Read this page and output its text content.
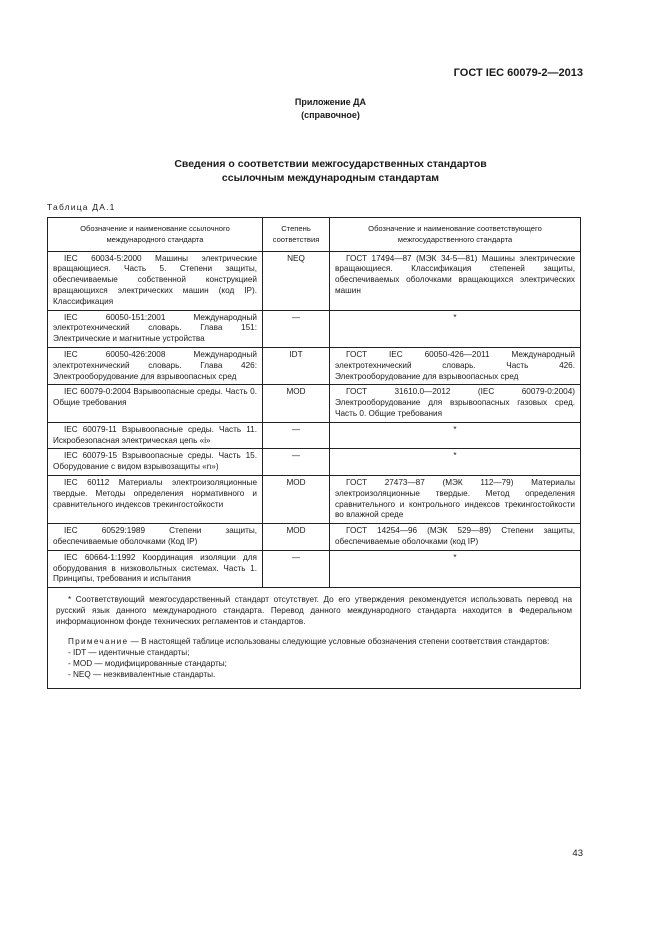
ГОСТ IEC 60079-2—2013
Приложение ДА
(справочное)
Сведения о соответствии межгосударственных стандартов
ссылочным международным стандартам
Таблица ДА.1
Обозначение и наименование ссылочного международного стандарта	Степень соответствия	Обозначение и наименование соответствующего межгосударственного стандарта
IEC 60034-5:2000 Машины электрические вращающиеся. Часть 5. Степени защиты, обеспечиваемые собственной конструкцией вращающихся электрических машин (код IP). Классификация	NEQ	ГОСТ 17494—87 (МЭК 34-5—81) Машины электрические вращающиеся. Классификация степеней защиты, обеспечиваемых оболочками вращающихся электрических машин
IEC 60050-151:2001 Международный электротехнический словарь. Глава 151: Электрические и магнитные устройства	—	*
IEC 60050-426:2008 Международный электротехнический словарь. Глава 426: Электрооборудование для взрывоопасных сред	IDT	ГОСТ IEC 60050-426—2011 Международный электротехнический словарь. Часть 426. Электрооборудование для взрывоопасных сред
IEC 60079-0:2004 Взрывоопасные среды. Часть 0. Общие требования	MOD	ГОСТ 31610.0—2012 (IEC 60079-0:2004) Электрооборудование для взрывоопасных газовых сред. Часть 0. Общие требования
IEC 60079-11 Взрывоопасные среды. Часть 11. Искробезопасная электрическая цепь «i»	—	*
IEC 60079-15 Взрывоопасные среды. Часть 15. Оборудование с видом взрывозащиты «n»)	—	*
IEC 60112 Материалы электроизоляционные твердые. Методы определения нормативного и сравнительного индексов трекингостойкости	MOD	ГОСТ 27473—87 (МЭК 112—79) Материалы электроизоляционные твердые. Метод определения сравнительного и контрольного индексов трекингостойкости во влажной среде
IEC 60529:1989 Степени защиты, обеспечиваемые оболочками (Код IP)	MOD	ГОСТ 14254—96 (МЭК 529—89) Степени защиты, обеспечиваемые оболочками (код IP)
IEC 60664-1:1992 Координация изоляции для оборудования в низковольтных системах. Часть 1. Принципы, требования и испытания	—	*

* Соответствующий межгосударственный стандарт отсутствует. До его утверждения рекомендуется использовать перевод на русский язык данного международного стандарта. Перевод данного международного стандарта находится в Федеральном информационном фонде технических регламентов и стандартов.

Примечание — В настоящей таблице использованы следующие условные обозначения степени соответствия стандартов:

- IDT — идентичные стандарты;
- MOD — модифицированные стандарты;
- NEQ — неэквивалентные стандарты.		
43
